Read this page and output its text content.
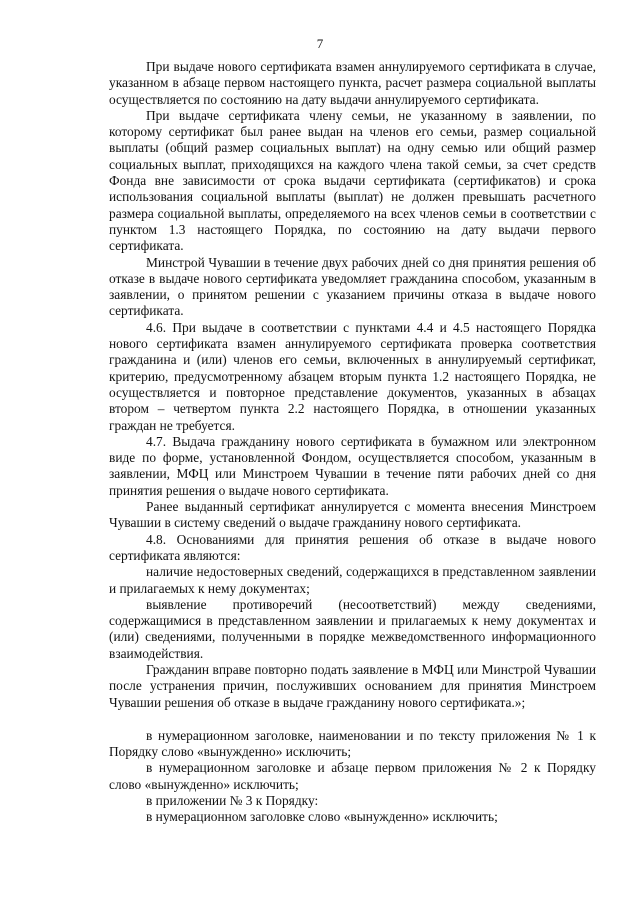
7

При выдаче нового сертификата взамен аннулируемого сертификата в случае, указанном в абзаце первом настоящего пункта, расчет размера социальной выплаты осуществляется по состоянию на дату выдачи аннулируемого сертификата.

При выдаче сертификата члену семьи, не указанному в заявлении, по которому сертификат был ранее выдан на членов его семьи, размер социальной выплаты (общий размер социальных выплат) на одну семью или общий размер социальных выплат, приходящихся на каждого члена такой семьи, за счет средств Фонда вне зависимости от срока выдачи сертификата (сертификатов) и срока использования социальной выплаты (выплат) не должен превышать расчетного размера социальной выплаты, определяемого на всех членов семьи в соответствии с пунктом 1.3 настоящего Порядка, по состоянию на дату выдачи первого сертификата.

Минстрой Чувашии в течение двух рабочих дней со дня принятия решения об отказе в выдаче нового сертификата уведомляет гражданина способом, указанным в заявлении, о принятом решении с указанием причины отказа в выдаче нового сертификата.

4.6. При выдаче в соответствии с пунктами 4.4 и 4.5 настоящего Порядка нового сертификата взамен аннулируемого сертификата проверка соответствия гражданина и (или) членов его семьи, включенных в аннулируемый сертификат, критерию, предусмотренному абзацем вторым пункта 1.2 настоящего Порядка, не осуществляется и повторное представление документов, указанных в абзацах втором – четвертом пункта 2.2 настоящего Порядка, в отношении указанных граждан не требуется.

4.7. Выдача гражданину нового сертификата в бумажном или электронном виде по форме, установленной Фондом, осуществляется способом, указанным в заявлении, МФЦ или Минстроем Чувашии в течение пяти рабочих дней со дня принятия решения о выдаче нового сертификата.

Ранее выданный сертификат аннулируется с момента внесения Минстроем Чувашии в систему сведений о выдаче гражданину нового сертификата.

4.8. Основаниями для принятия решения об отказе в выдаче нового сертификата являются:

наличие недостоверных сведений, содержащихся в представленном заявлении и прилагаемых к нему документах;

выявление противоречий (несоответствий) между сведениями, содержащимися в представленном заявлении и прилагаемых к нему документах и (или) сведениями, полученными в порядке межведомственного информационного взаимодействия.

Гражданин вправе повторно подать заявление в МФЦ или Минстрой Чувашии после устранения причин, послуживших основанием для принятия Минстроем Чувашии решения об отказе в выдаче гражданину нового сертификата.»;

в нумерационном заголовке, наименовании и по тексту приложения № 1 к Порядку слово «вынужденно» исключить;

в нумерационном заголовке и абзаце первом приложения № 2 к Порядку слово «вынужденно» исключить;

в приложении № 3 к Порядку:

в нумерационном заголовке слово «вынужденно» исключить;
